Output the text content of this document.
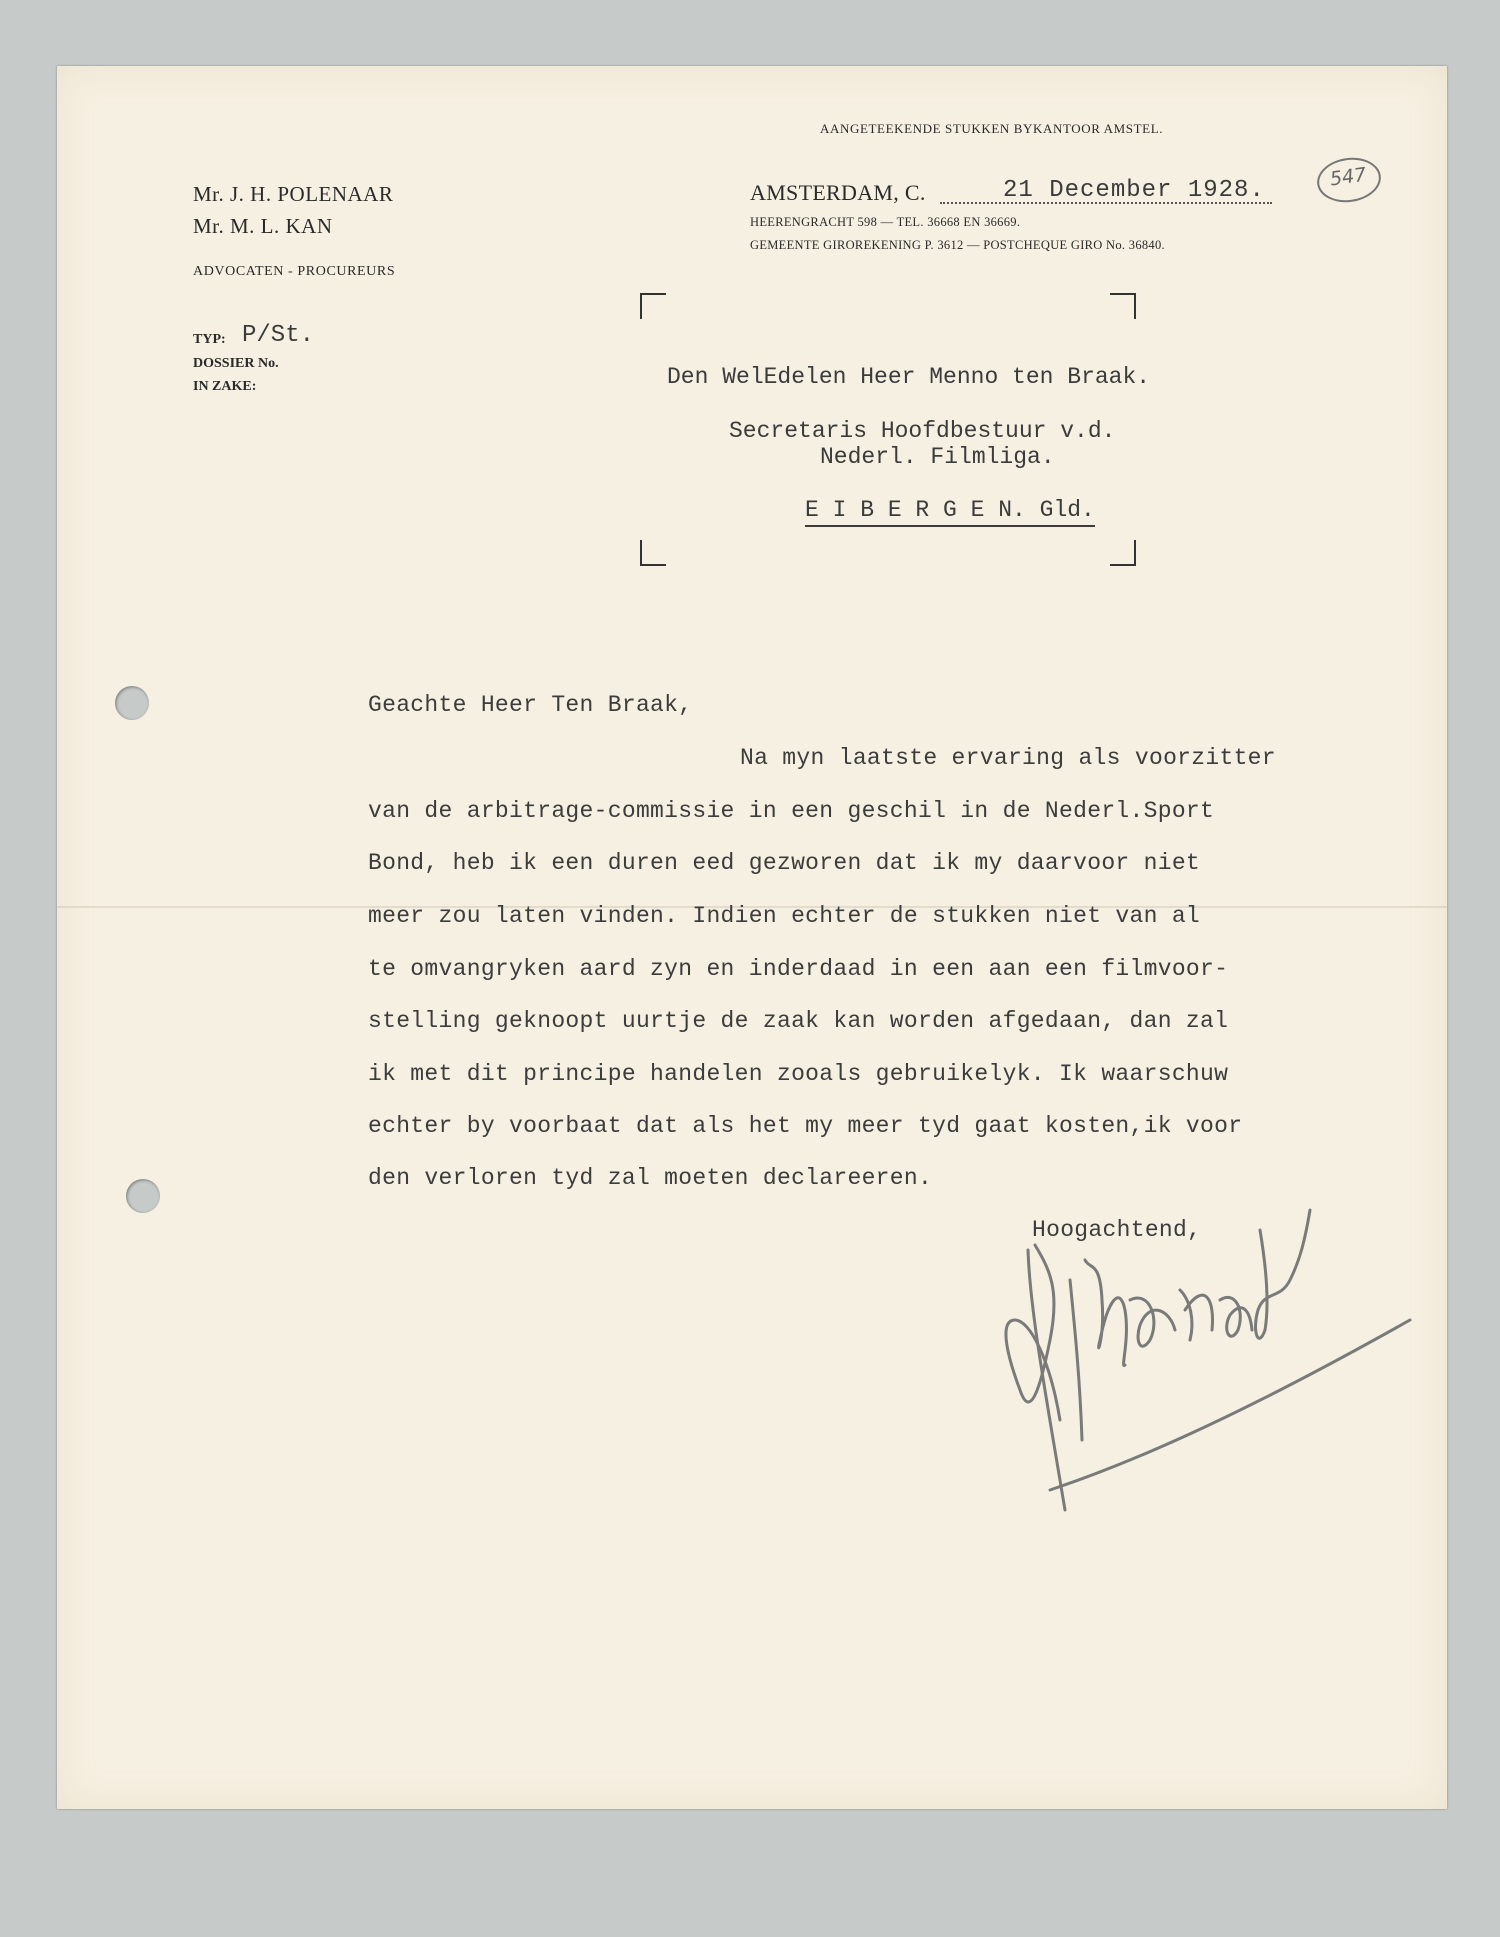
AANGETEEKENDE STUKKEN BYKANTOOR AMSTEL.
Mr. J. H. POLENAAR
Mr. M. L. KAN
ADVOCATEN - PROCUREURS
TYP: P/St.
DOSSIER No.
IN ZAKE:
AMSTERDAM, C.	21 December 1928.
HEERENGRACHT 598 — TEL. 36668 EN 36669.
GEMEENTE GIROREKENING P. 3612 — POSTCHEQUE GIRO No. 36840.
547
Den WelEdelen Heer Menno ten Braak.
Secretaris Hoofdbestuur v.d.
Nederl. Filmliga.
E I B E R G E N. Gld.
Geachte Heer Ten Braak,
Na myn laatste ervaring als voorzitter
van de arbitrage-commissie in een geschil in de Nederl.Sport
Bond, heb ik een duren eed gezworen dat ik my daarvoor niet
meer zou laten vinden. Indien echter de stukken niet van al
te omvangryken aard zyn en inderdaad in een aan een filmvoor-
stelling geknoopt uurtje de zaak kan worden afgedaan, dan zal
ik met dit principe handelen zooals gebruikelyk. Ik waarschuw
echter by voorbaat dat als het my meer tyd gaat kosten,ik voor
den verloren tyd zal moeten declareeren.
Hoogachtend,
